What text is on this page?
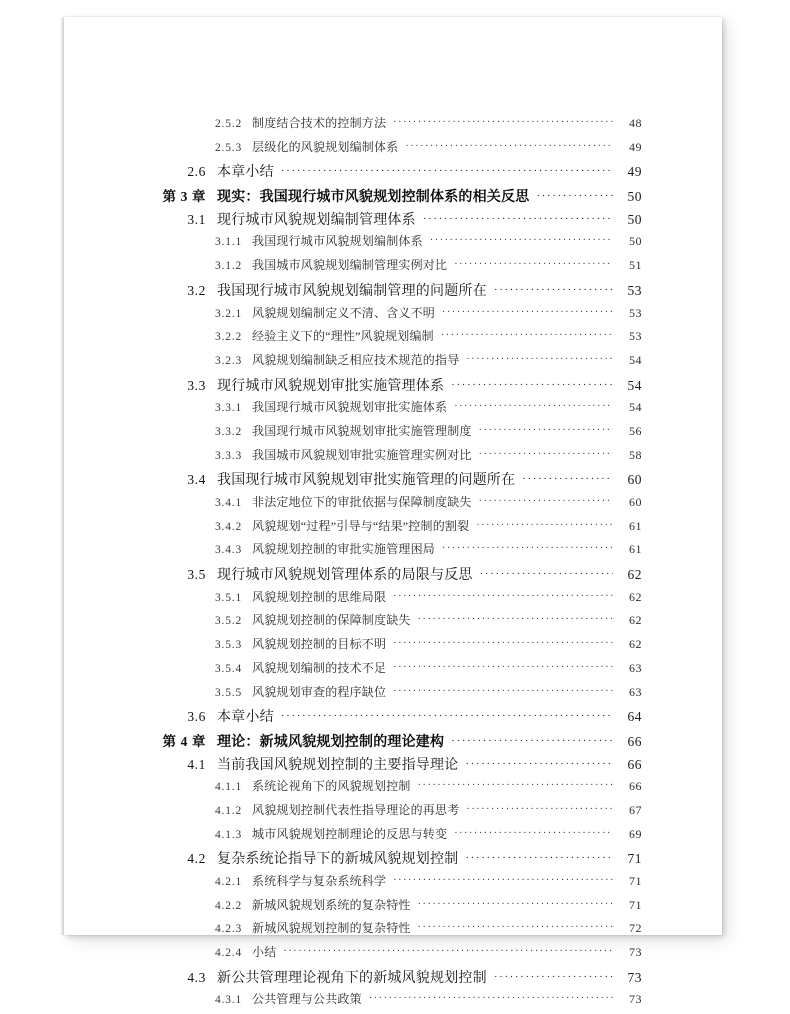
2.5.2 制度结合技术的控制方法 ·····	48
2.5.3 层级化的风貌规划编制体系 ·····	49
2.6 本章小结 ·····	49
第 3 章 现实：我国现行城市风貌规划控制体系的相关反思 ·····	50
3.1 现行城市风貌规划编制管理体系 ·····	50
3.1.1 我国现行城市风貌规划编制体系 ·····	50
3.1.2 我国城市风貌规划编制管理实例对比 ·····	51
3.2 我国现行城市风貌规划编制管理的问题所在 ·····	53
3.2.1 风貌规划编制定义不清、含义不明 ·····	53
3.2.2 经验主义下的“理性”风貌规划编制 ·····	53
3.2.3 风貌规划编制缺乏相应技术规范的指导 ·····	54
3.3 现行城市风貌规划审批实施管理体系 ·····	54
3.3.1 我国现行城市风貌规划审批实施体系 ·····	54
3.3.2 我国现行城市风貌规划审批实施管理制度 ·····	56
3.3.3 我国城市风貌规划审批实施管理实例对比 ·····	58
3.4 我国现行城市风貌规划审批实施管理的问题所在 ·····	60
3.4.1 非法定地位下的审批依据与保障制度缺失 ·····	60
3.4.2 风貌规划“过程”引导与“结果”控制的割裂 ·····	61
3.4.3 风貌规划控制的审批实施管理困局 ·····	61
3.5 现行城市风貌规划管理体系的局限与反思 ·····	62
3.5.1 风貌规划控制的思维局限 ·····	62
3.5.2 风貌规划控制的保障制度缺失 ·····	62
3.5.3 风貌规划控制的目标不明 ·····	62
3.5.4 风貌规划编制的技术不足 ·····	63
3.5.5 风貌规划审查的程序缺位 ·····	63
3.6 本章小结 ·····	64
第 4 章 理论：新城风貌规划控制的理论建构 ·····	66
4.1 当前我国风貌规划控制的主要指导理论 ·····	66
4.1.1 系统论视角下的风貌规划控制 ·····	66
4.1.2 风貌规划控制代表性指导理论的再思考 ·····	67
4.1.3 城市风貌规划控制理论的反思与转变 ·····	69
4.2 复杂系统论指导下的新城风貌规划控制 ·····	71
4.2.1 系统科学与复杂系统科学 ·····	71
4.2.2 新城风貌规划系统的复杂特性 ·····	71
4.2.3 新城风貌规划控制的复杂特性 ·····	72
4.2.4 小结 ·····	73
4.3 新公共管理理论视角下的新城风貌规划控制 ·····	73
4.3.1 公共管理与公共政策 ·····	73
